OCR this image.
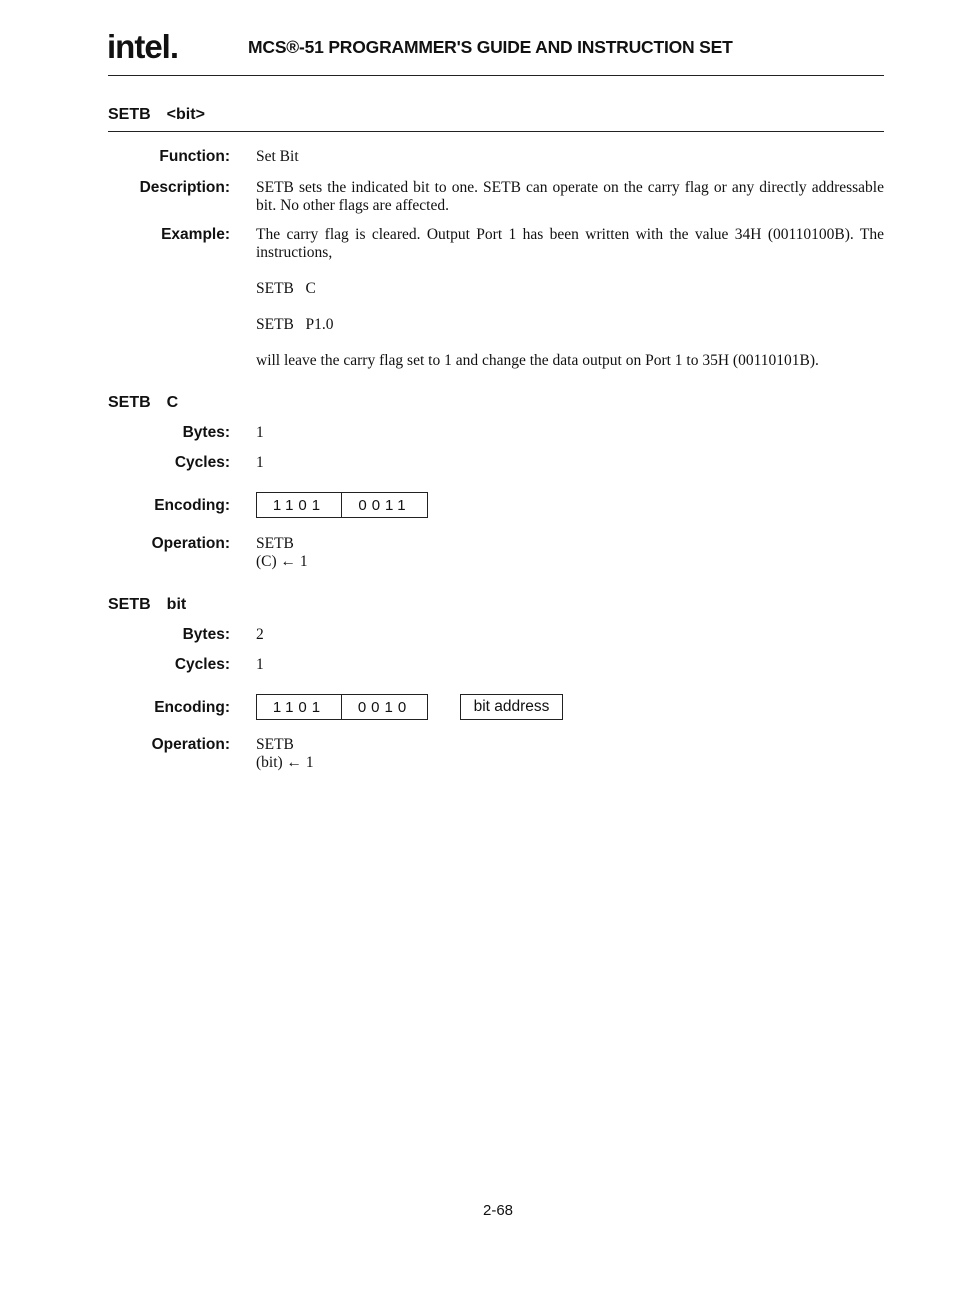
intel.	MCS®-51 PROGRAMMER'S GUIDE AND INSTRUCTION SET
SETB <bit>
Function: Set Bit
Description: SETB sets the indicated bit to one. SETB can operate on the carry flag or any directly addressable bit. No other flags are affected.
Example: The carry flag is cleared. Output Port 1 has been written with the value 34H (00110100B). The instructions,
SETB   C
SETB   P1.0
will leave the carry flag set to 1 and change the data output on Port 1 to 35H (00110101B).
SETB C
Bytes: 1
Cycles: 1
Encoding:	1101	0011
Operation: SETB
(C) ← 1
SETB bit
Bytes: 2
Cycles: 1
Encoding:	1101	0010	bit address
Operation: SETB
(bit) ← 1
2-68
